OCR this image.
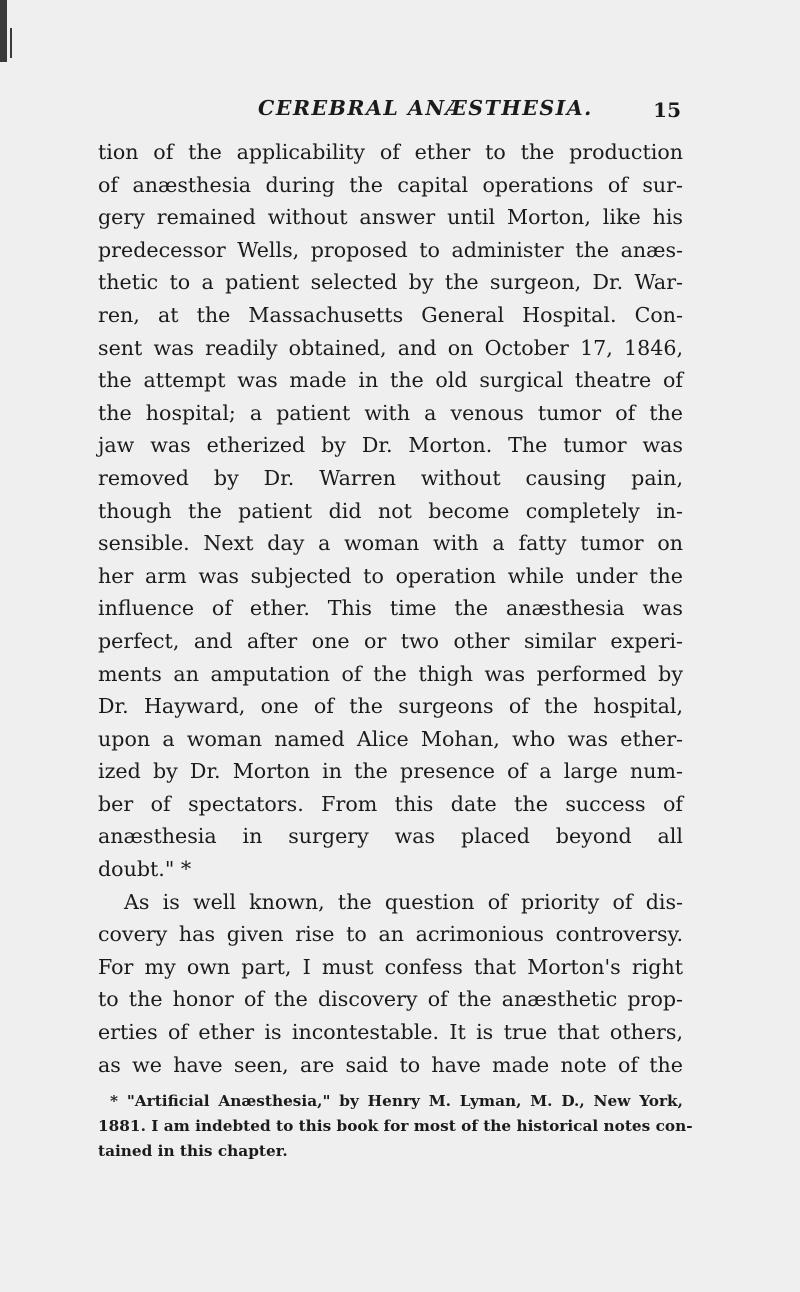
CEREBRAL ANÆSTHESIA.	15
tion of the applicability of ether to the production
of anæsthesia during the capital operations of sur-
gery remained without answer until Morton, like his
predecessor Wells, proposed to administer the anæs-
thetic to a patient selected by the surgeon, Dr. War-
ren, at the Massachusetts General Hospital. Con-
sent was readily obtained, and on October 17, 1846,
the attempt was made in the old surgical theatre of
the hospital; a patient with a venous tumor of the
jaw was etherized by Dr. Morton. The tumor was
removed by Dr. Warren without causing pain,
though the patient did not become completely in-
sensible. Next day a woman with a fatty tumor on
her arm was subjected to operation while under the
influence of ether. This time the anæsthesia was
perfect, and after one or two other similar experi-
ments an amputation of the thigh was performed by
Dr. Hayward, one of the surgeons of the hospital,
upon a woman named Alice Mohan, who was ether-
ized by Dr. Morton in the presence of a large num-
ber of spectators. From this date the success of
anæsthesia in surgery was placed beyond all
doubt." *
As is well known, the question of priority of dis-
covery has given rise to an acrimonious controversy.
For my own part, I must confess that Morton's right
to the honor of the discovery of the anæsthetic prop-
erties of ether is incontestable. It is true that others,
as we have seen, are said to have made note of the
* "Artificial Anæsthesia," by Henry M. Lyman, M. D., New York,
1881. I am indebted to this book for most of the historical notes con-
tained in this chapter.
